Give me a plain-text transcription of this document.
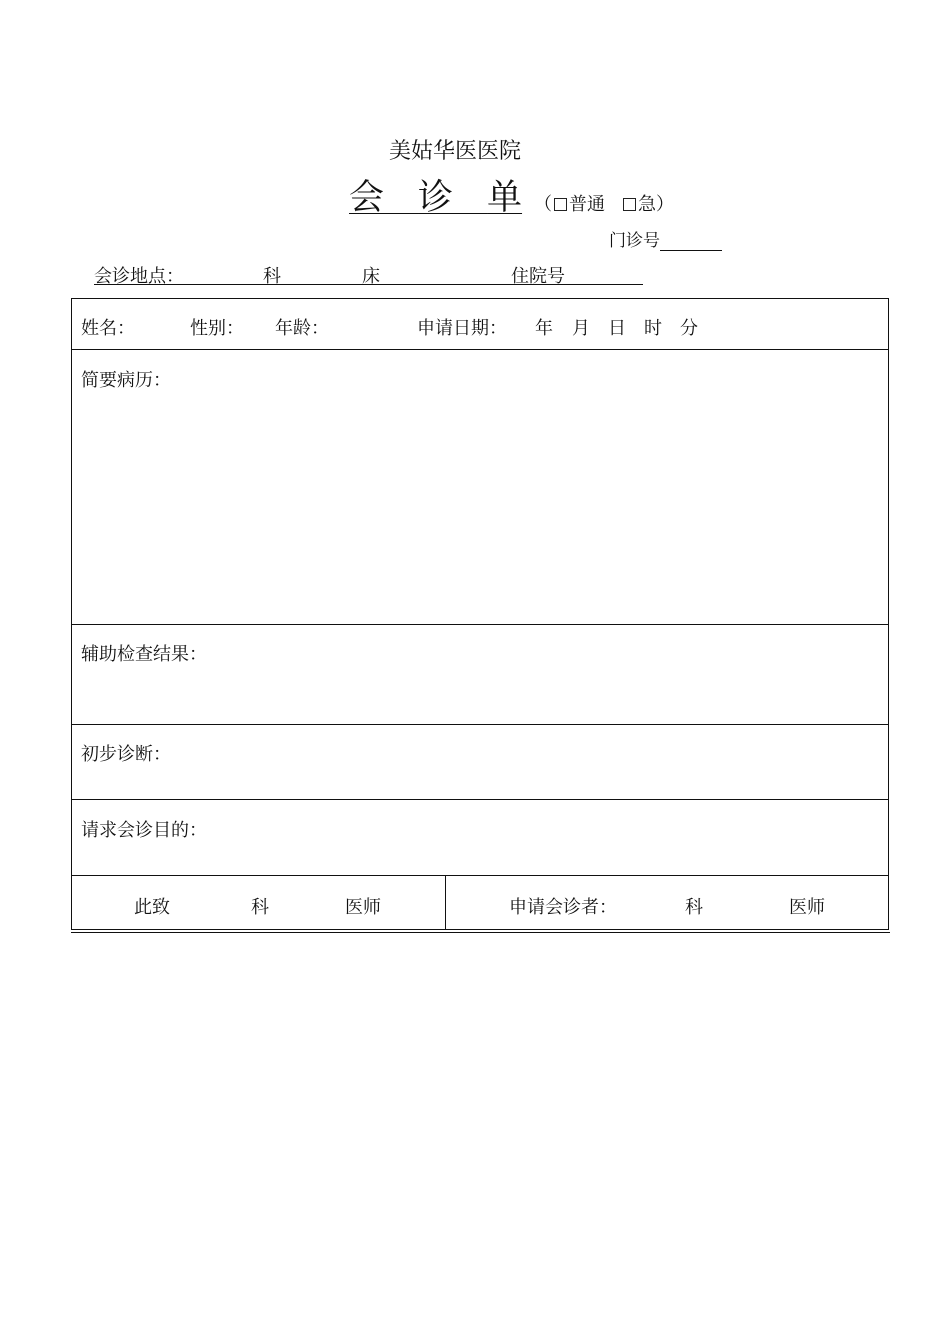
美姑华医医院
会诊单 （ 普通 急）
门诊号
会诊地点：	科	床	住院号
姓名：	性别： 年龄：	申请日期： 年 月 日 时 分
简要病历：
辅助检查结果：
初步诊断：
请求会诊目的：
此致	科	医师	申请会诊者：	科	医师
